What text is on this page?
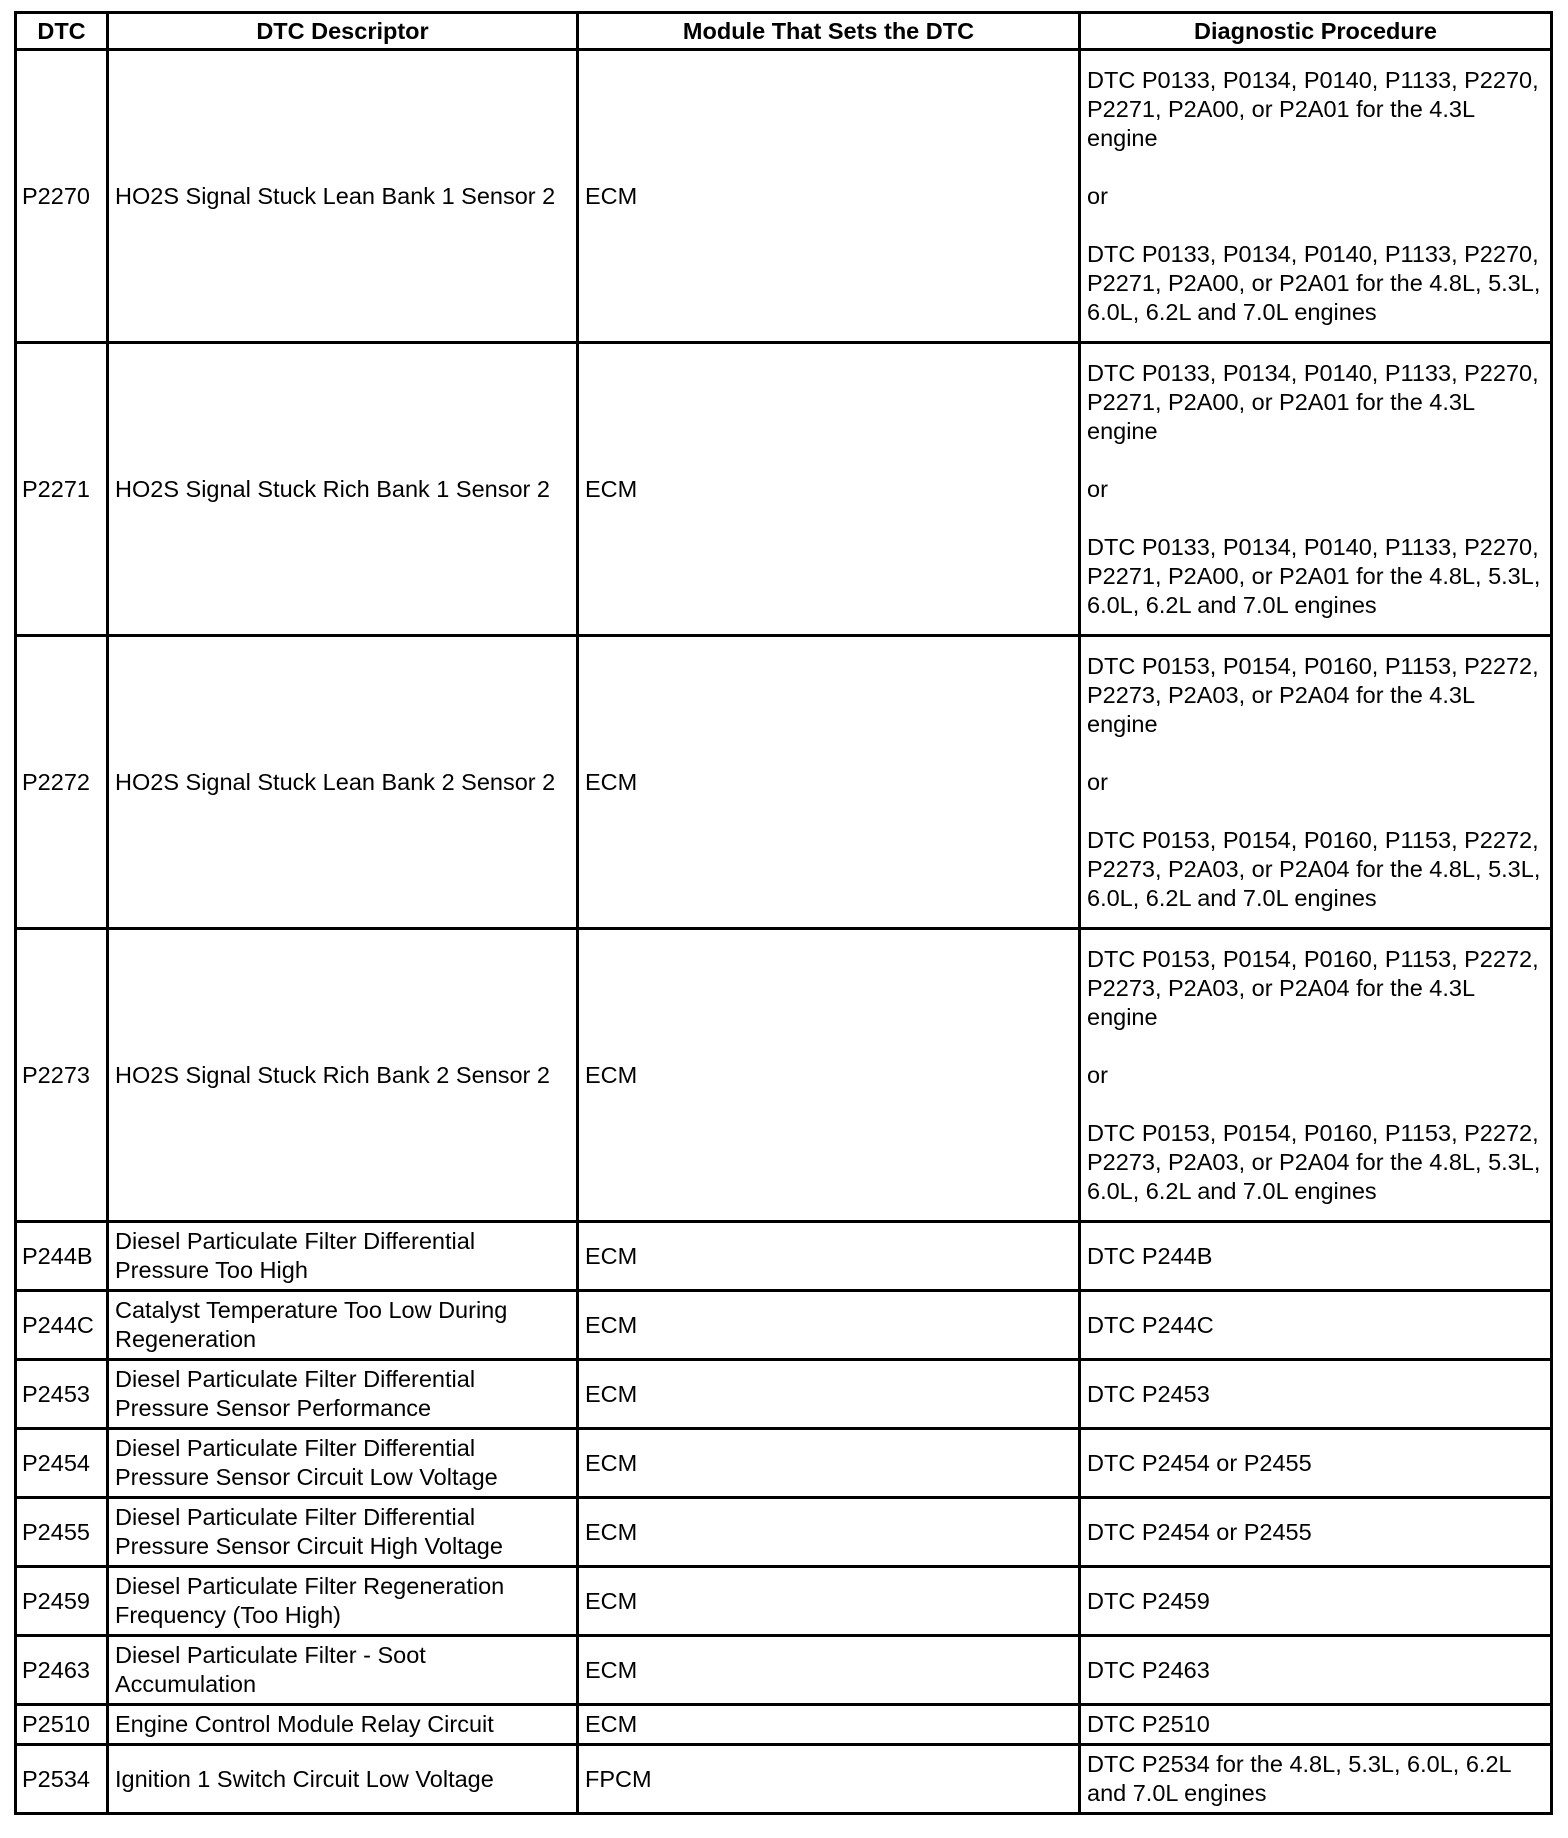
DTC	DTC Descriptor	Module That Sets the DTC	Diagnostic Procedure
P2270	HO2S Signal Stuck Lean Bank 1 Sensor 2	ECM	DTC P0133, P0134, P0140, P1133, P2270, P2271, P2A00, or P2A01 for the 4.3L engine
or
DTC P0133, P0134, P0140, P1133, P2270, P2271, P2A00, or P2A01 for the 4.8L, 5.3L, 6.0L, 6.2L and 7.0L engines

P2271	HO2S Signal Stuck Rich Bank 1 Sensor 2	ECM	DTC P0133, P0134, P0140, P1133, P2270, P2271, P2A00, or P2A01 for the 4.3L engine
or
DTC P0133, P0134, P0140, P1133, P2270, P2271, P2A00, or P2A01 for the 4.8L, 5.3L, 6.0L, 6.2L and 7.0L engines

P2272	HO2S Signal Stuck Lean Bank 2 Sensor 2	ECM	DTC P0153, P0154, P0160, P1153, P2272, P2273, P2A03, or P2A04 for the 4.3L engine
or
DTC P0153, P0154, P0160, P1153, P2272, P2273, P2A03, or P2A04 for the 4.8L, 5.3L, 6.0L, 6.2L and 7.0L engines

P2273	HO2S Signal Stuck Rich Bank 2 Sensor 2	ECM	DTC P0153, P0154, P0160, P1153, P2272, P2273, P2A03, or P2A04 for the 4.3L engine
or
DTC P0153, P0154, P0160, P1153, P2272, P2273, P2A03, or P2A04 for the 4.8L, 5.3L, 6.0L, 6.2L and 7.0L engines

P244B	Diesel Particulate Filter Differential Pressure Too High	ECM	DTC P244B
P244C	Catalyst Temperature Too Low During Regeneration	ECM	DTC P244C
P2453	Diesel Particulate Filter Differential Pressure Sensor Performance	ECM	DTC P2453
P2454	Diesel Particulate Filter Differential Pressure Sensor Circuit Low Voltage	ECM	DTC P2454 or P2455
P2455	Diesel Particulate Filter Differential Pressure Sensor Circuit High Voltage	ECM	DTC P2454 or P2455
P2459	Diesel Particulate Filter Regeneration Frequency (Too High)	ECM	DTC P2459
P2463	Diesel Particulate Filter - Soot Accumulation	ECM	DTC P2463
P2510	Engine Control Module Relay Circuit	ECM	DTC P2510
P2534	Ignition 1 Switch Circuit Low Voltage	FPCM	DTC P2534 for the 4.8L, 5.3L, 6.0L, 6.2L and 7.0L engines
